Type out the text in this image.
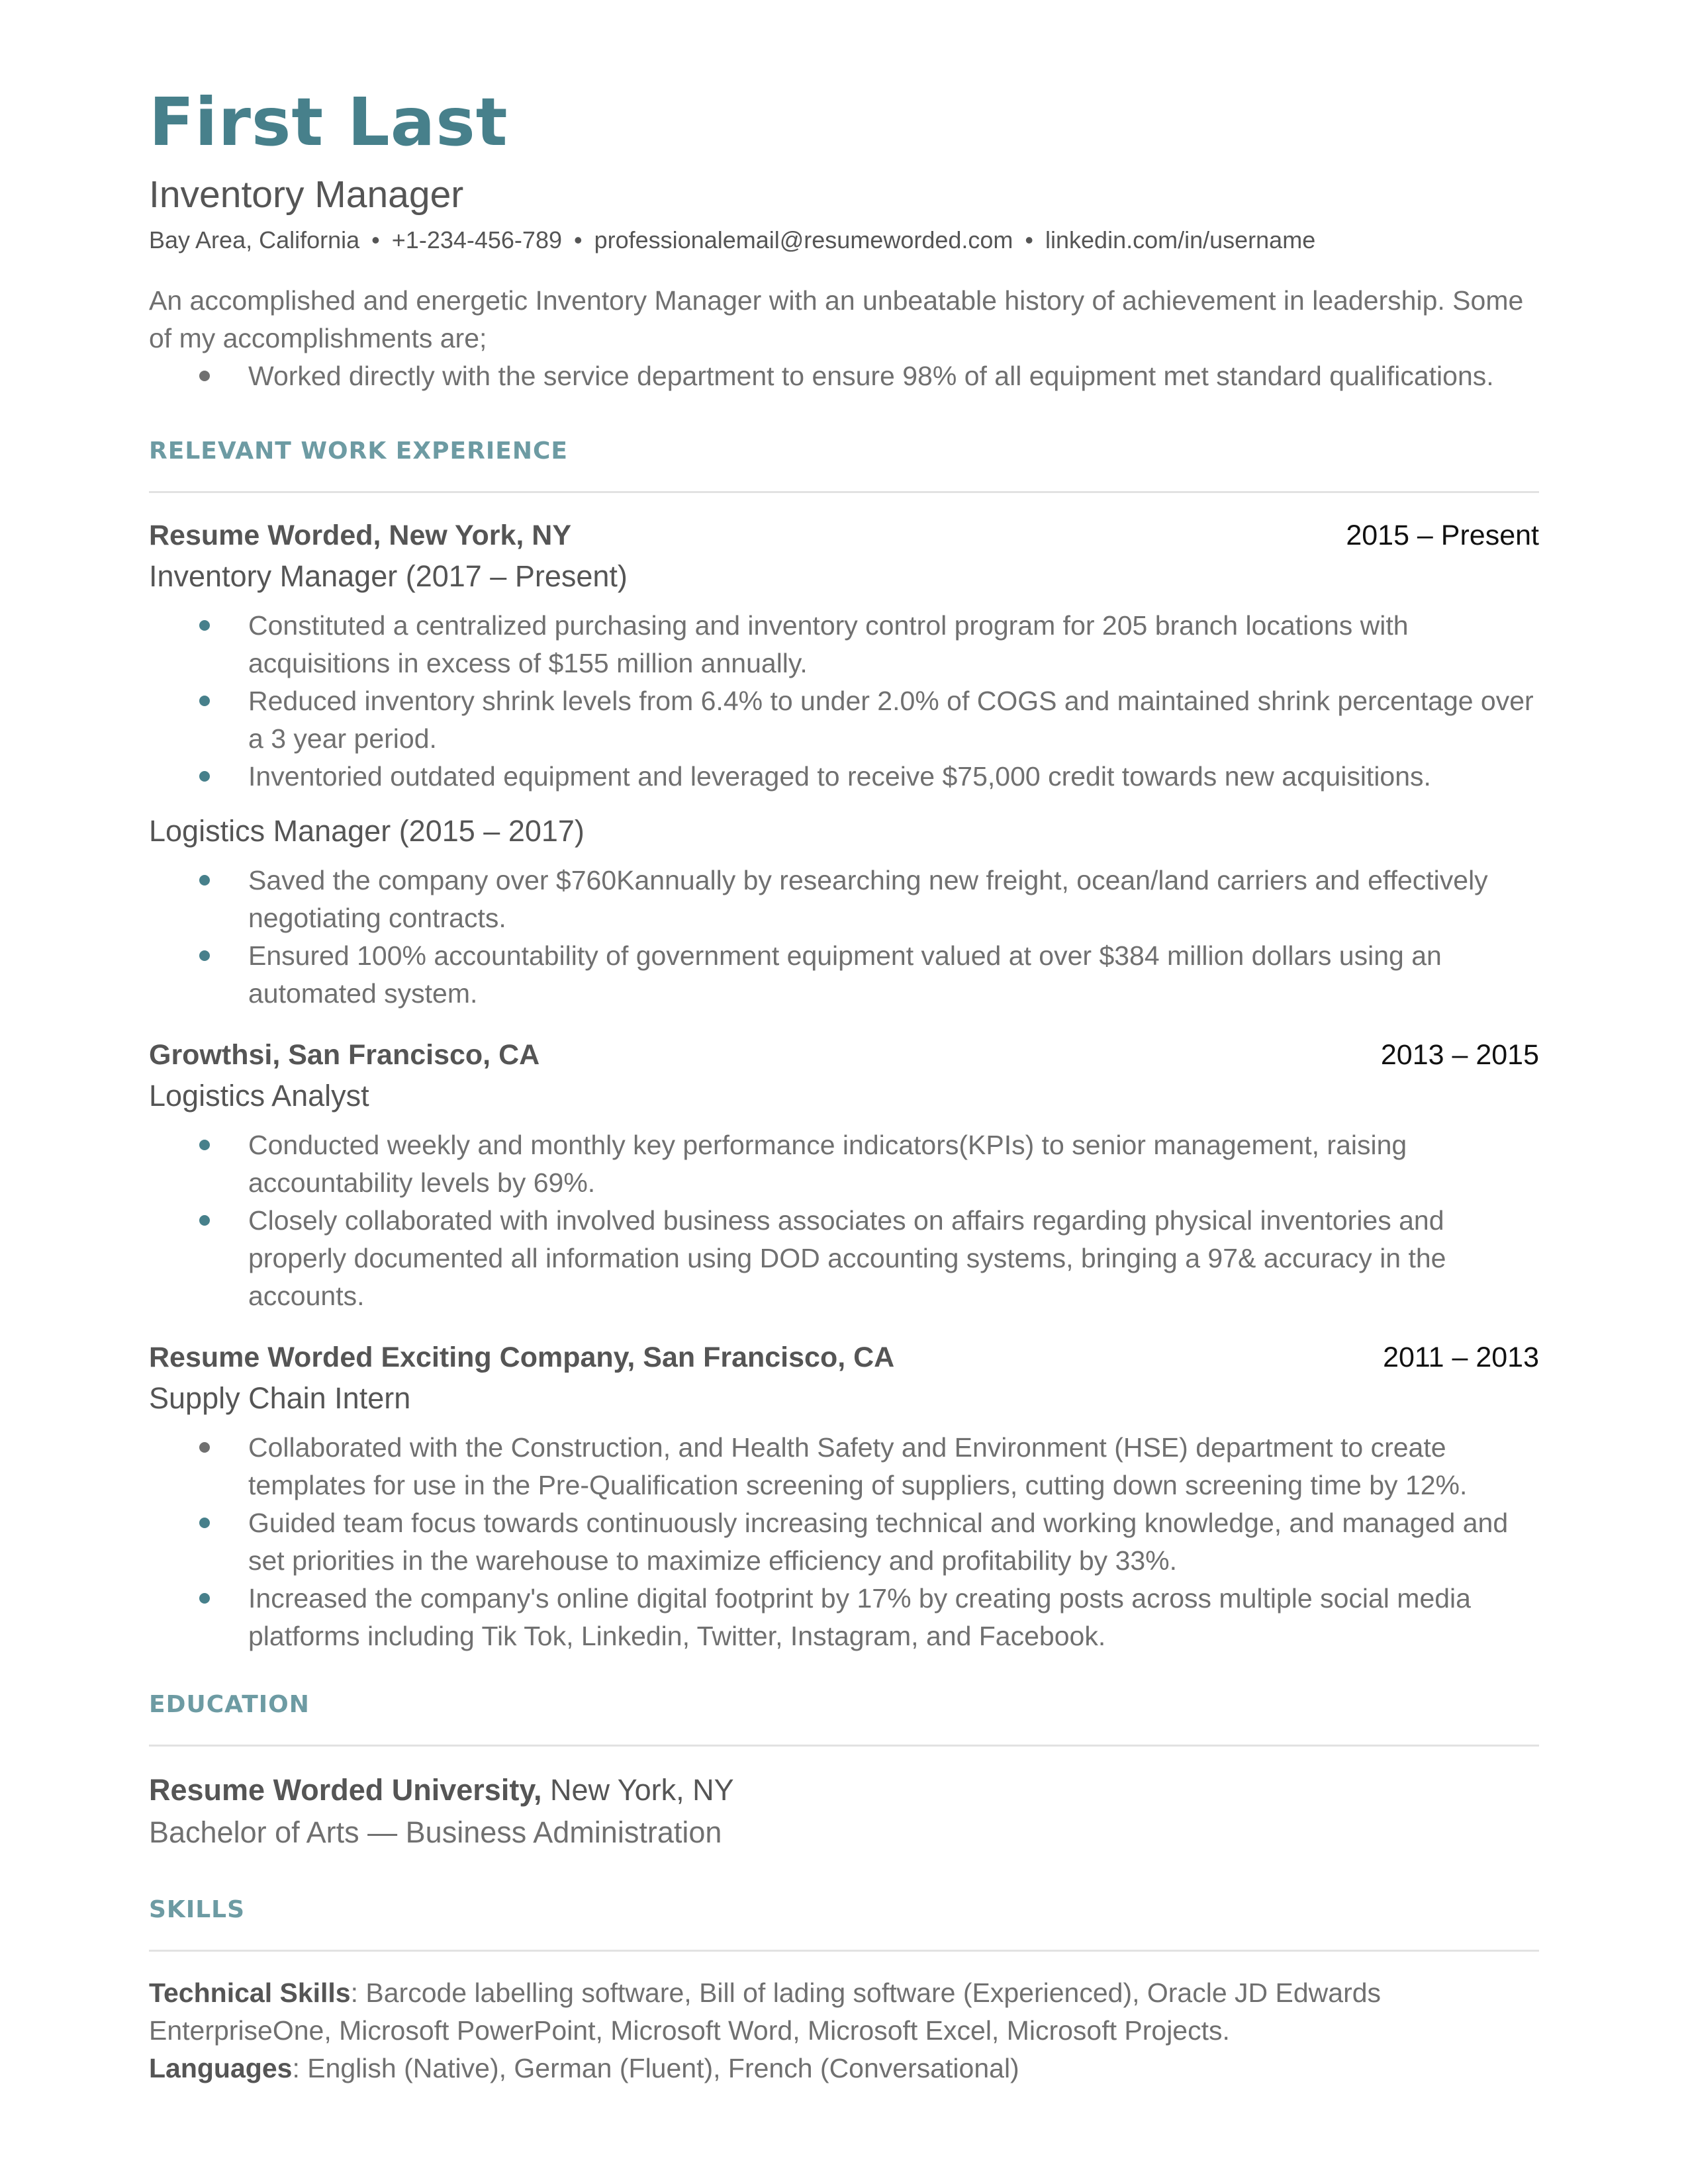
First Last
Inventory Manager
Bay Area, California • +1-234-456-789 • professionalemail@resumeworded.com • linkedin.com/in/username
An accomplished and energetic Inventory Manager with an unbeatable history of achievement in leadership. Some of my accomplishments are;
Worked directly with the service department to ensure 98% of all equipment met standard qualifications.
RELEVANT WORK EXPERIENCE
Resume Worded, New York, NY	2015 – Present
Inventory Manager (2017 – Present)
Constituted a centralized purchasing and inventory control program for 205 branch locations with acquisitions in excess of $155 million annually.
Reduced inventory shrink levels from 6.4% to under 2.0% of COGS and maintained shrink percentage over a 3 year period.
Inventoried outdated equipment and leveraged to receive $75,000 credit towards new acquisitions.
Logistics Manager (2015 – 2017)
Saved the company over $760Kannually by researching new freight, ocean/land carriers and effectively negotiating contracts.
Ensured 100% accountability of government equipment valued at over $384 million dollars using an automated system.
Growthsi, San Francisco, CA	2013 – 2015
Logistics Analyst
Conducted weekly and monthly key performance indicators(KPIs) to senior management, raising accountability levels by 69%.
Closely collaborated with involved business associates on affairs regarding physical inventories and properly documented all information using DOD accounting systems, bringing a 97& accuracy in the accounts.
Resume Worded Exciting Company, San Francisco, CA	2011 – 2013
Supply Chain Intern
Collaborated with the Construction, and Health Safety and Environment (HSE) department to create templates for use in the Pre-Qualification screening of suppliers, cutting down screening time by 12%.
Guided team focus towards continuously increasing technical and working knowledge, and managed and set priorities in the warehouse to maximize efficiency and profitability by 33%.
Increased the company's online digital footprint by 17% by creating posts across multiple social media platforms including Tik Tok, Linkedin, Twitter, Instagram, and Facebook.
EDUCATION
Resume Worded University, New York, NY
Bachelor of Arts — Business Administration
SKILLS
Technical Skills: Barcode labelling software, Bill of lading software (Experienced), Oracle JD Edwards EnterpriseOne, Microsoft PowerPoint, Microsoft Word, Microsoft Excel, Microsoft Projects.
Languages: English (Native), German (Fluent), French (Conversational)
